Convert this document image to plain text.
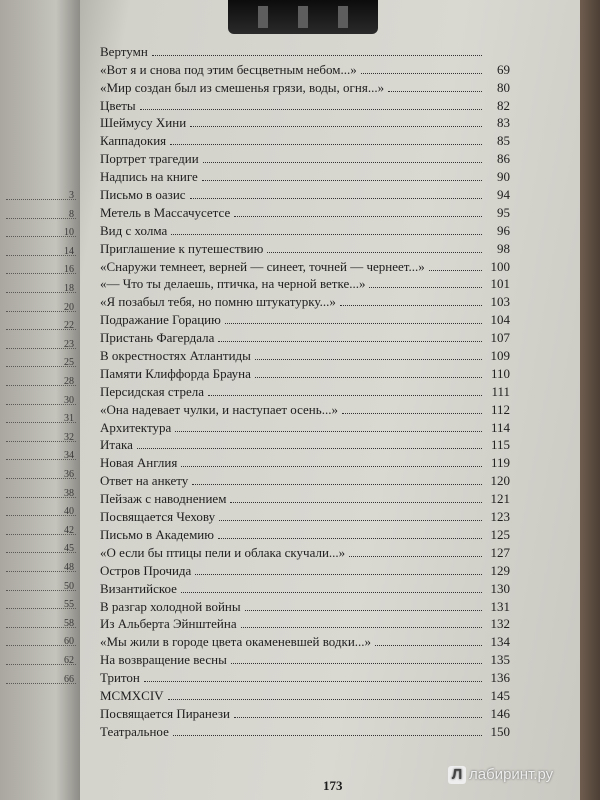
3
8
10
14
16
18
20
22
23
25
28
30
31
32
34
36
38
40
42
45
48
50
55
58
60
62
66
Вертумн
«Вот я и снова под этим бесцветным небом...»	69
«Мир создан был из смешенья грязи, воды, огня...»	80
Цветы	82
Шеймусу Хини	83
Каппадокия	85
Портрет трагедии	86
Надпись на книге	90
Письмо в оазис	94
Метель в Массачусетсе	95
Вид с холма	96
Приглашение к путешествию	98
«Снаружи темнеет, верней — синеет, точней — чернеет...»	100
«— Что ты делаешь, птичка, на черной ветке...»	101
«Я позабыл тебя, но помню штукатурку...»	103
Подражание Горацию	104
Пристань Фагердала	107
В окрестностях Атлантиды	109
Памяти Клиффорда Брауна	110
Персидская стрела	111
«Она надевает чулки, и наступает осень...»	112
Архитектура	114
Итака	115
Новая Англия	119
Ответ на анкету	120
Пейзаж с наводнением	121
Посвящается Чехову	123
Письмо в Академию	125
«О если бы птицы пели и облака скучали...»	127
Остров Прочида	129
Византийское	130
В разгар холодной войны	131
Из Альберта Эйнштейна	132
«Мы жили в городе цвета окаменевшей водки...»	134
На возвращение весны	135
Тритон	136
MCMXCIV	145
Посвящается Пиранези	146
Театральное	150
173
Л лабиринт.ру
